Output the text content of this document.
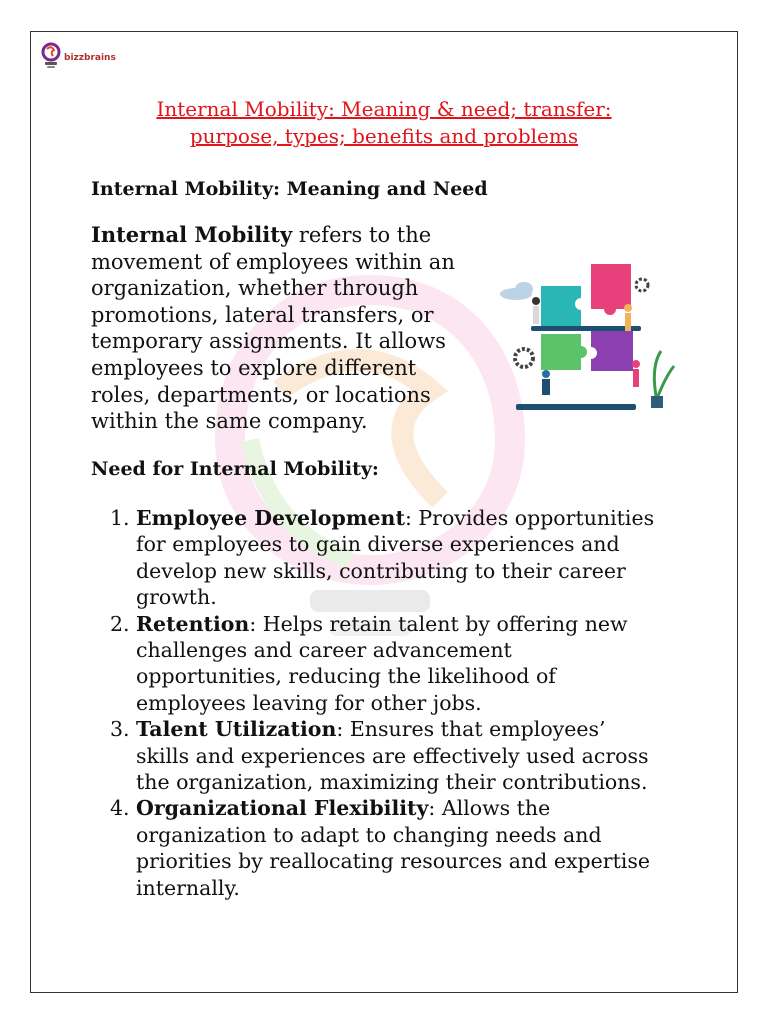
bizzbrains
Internal Mobility: Meaning & need; transfer:
purpose, types; benefits and problems
Internal Mobility: Meaning and Need
Internal Mobility refers to the
movement of employees within an
organization, whether through
promotions, lateral transfers, or
temporary assignments. It allows
employees to explore different
roles, departments, or locations
within the same company.
Need for Internal Mobility:
1. Employee Development: Provides opportunities
for employees to gain diverse experiences and
develop new skills, contributing to their career
growth.
2. Retention: Helps retain talent by offering new
challenges and career advancement
opportunities, reducing the likelihood of
employees leaving for other jobs.
3. Talent Utilization: Ensures that employees’
skills and experiences are effectively used across
the organization, maximizing their contributions.
4. Organizational Flexibility: Allows the
organization to adapt to changing needs and
priorities by reallocating resources and expertise
internally.
